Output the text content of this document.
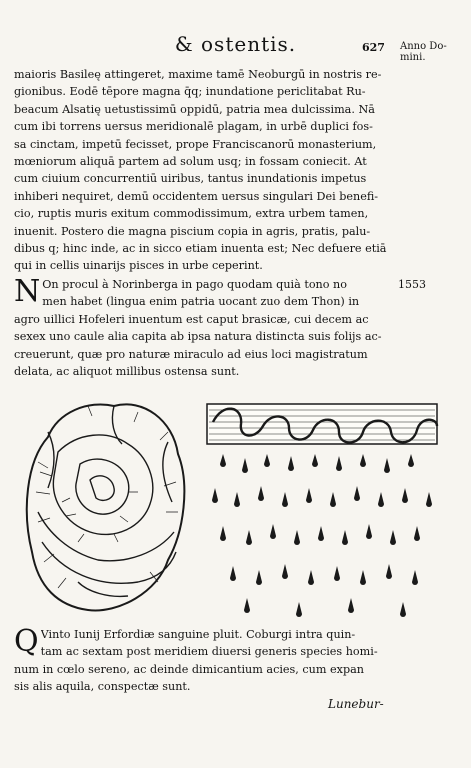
& ostentis.	627 Anno Do-
mini.
maioris Basileę attingeret, maxime tamē Neoburgū in nostris re-
gionibus. Eodē tēpore magna q̄q; inundatione periclitabat Ru-
beacum Alsatię uetustissimū oppidū, patria mea dulcissima. Nā
cum ibi torrens uersus meridionalē plagam, in urbē duplici fos-
sa cinctam, impetū fecisset, prope Franciscanorū monasterium,
mœniorum aliquā partem ad solum usq; in fossam coniecit. At
cum ciuium concurrentiū uiribus, tantus inundationis impetus
inhiberi nequiret, demū occidentem uersus singulari Dei benefi-
cio, ruptis muris exitum commodissimum, extra urbem tamen,
inuenit. Postero die magna piscium copia in agris, pratis, palu-
dibus q; hinc inde, ac in sicco etiam inuenta est; Nec defuere etiā
qui in cellis uinarijs pisces in urbe ceperint.
N On procul à Norinberga in pago quodam quià tono no
men habet (lingua enim patria uocant zuo dem Thon) in
agro uillici Hofeleri inuentum est caput brasicæ, cui decem ac
sexex uno caule alia capita ab ipsa natura distincta suis folijs ac-
creuerunt, quæ pro naturæ miraculo ad eius loci magistratum
delata, ac aliquot millibus ostensa sunt.
1553
Q Vinto Iunij Erfordiæ sanguine pluit. Coburgi intra quin-
tam ac sextam post meridiem diuersi generis species homi-
num in cœlo sereno, ac deinde dimicantium acies, cum expan
sis alis aquila, conspectæ sunt.
Lunebur-
